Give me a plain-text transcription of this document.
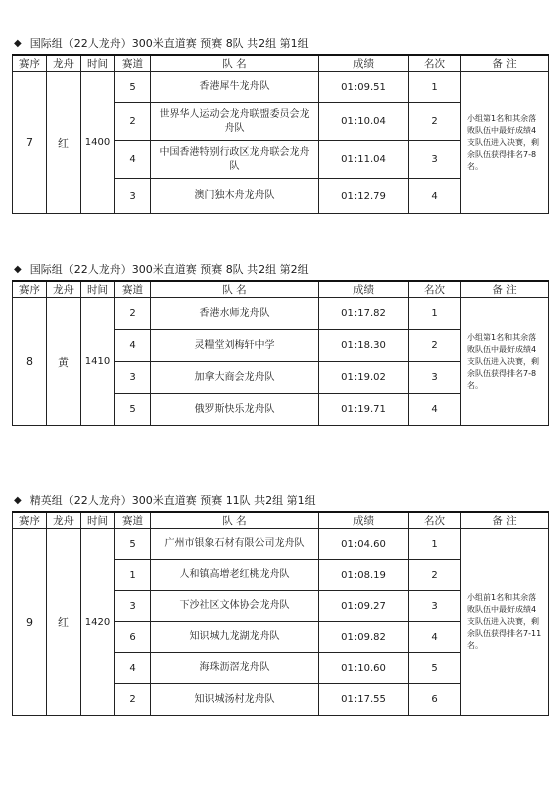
◆ 国际组（22人龙舟）300米直道赛 预赛 8队 共2组 第1组
赛序	龙舟	时间	赛道	队 名	成绩	名次	备 注
7	红	1400	5	香港犀牛龙舟队	01:09.51	1	小组第1名和其余落败队伍中最好成绩4支队伍进入决赛，剩余队伍获得排名7-8名。
			2	世界华人运动会龙舟联盟委员会龙舟队	01:10.04	2	
			4	中国香港特别行政区龙舟联会龙舟队	01:11.04	3	
			3	澳门独木舟龙舟队	01:12.79	4	
◆ 国际组（22人龙舟）300米直道赛 预赛 8队 共2组 第2组
赛序	龙舟	时间	赛道	队 名	成绩	名次	备 注
8	黄	1410	2	香港水师龙舟队	01:17.82	1	小组第1名和其余落败队伍中最好成绩4支队伍进入决赛，剩余队伍获得排名7-8名。
			4	灵糧堂刘梅轩中学	01:18.30	2	
			3	加拿大商会龙舟队	01:19.02	3	
			5	俄罗斯快乐龙舟队	01:19.71	4	
◆ 精英组（22人龙舟）300米直道赛 预赛 11队 共2组 第1组
赛序	龙舟	时间	赛道	队 名	成绩	名次	备 注
9	红	1420	5	广州市银象石材有限公司龙舟队	01:04.60	1	小组前1名和其余落败队伍中最好成绩4支队伍进入决赛，剩余队伍获得排名7-11名。
			1	人和镇高增老红桃龙舟队	01:08.19	2	
			3	下沙社区文体协会龙舟队	01:09.27	3	
			6	知识城九龙湖龙舟队	01:09.82	4	
			4	海珠沥滘龙舟队	01:10.60	5	
			2	知识城汤村龙舟队	01:17.55	6	
